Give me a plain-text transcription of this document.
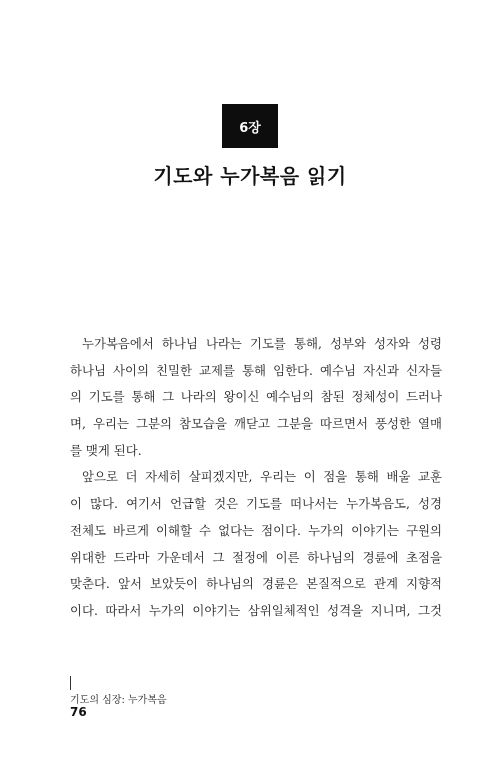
6장
기도와 누가복음 읽기
누가복음에서 하나님 나라는 기도를 통해, 성부와 성자와 성령
하나님 사이의 친밀한 교제를 통해 임한다. 예수님 자신과 신자들
의 기도를 통해 그 나라의 왕이신 예수님의 참된 정체성이 드러나
며, 우리는 그분의 참모습을 깨닫고 그분을 따르면서 풍성한 열매
를 맺게 된다.
앞으로 더 자세히 살피겠지만, 우리는 이 점을 통해 배울 교훈
이 많다. 여기서 언급할 것은 기도를 떠나서는 누가복음도, 성경
전체도 바르게 이해할 수 없다는 점이다. 누가의 이야기는 구원의
위대한 드라마 가운데서 그 절정에 이른 하나님의 경륜에 초점을
맞춘다. 앞서 보았듯이 하나님의 경륜은 본질적으로 관계 지향적
이다. 따라서 누가의 이야기는 삼위일체적인 성격을 지니며, 그것
기도의 심장: 누가복음
76
